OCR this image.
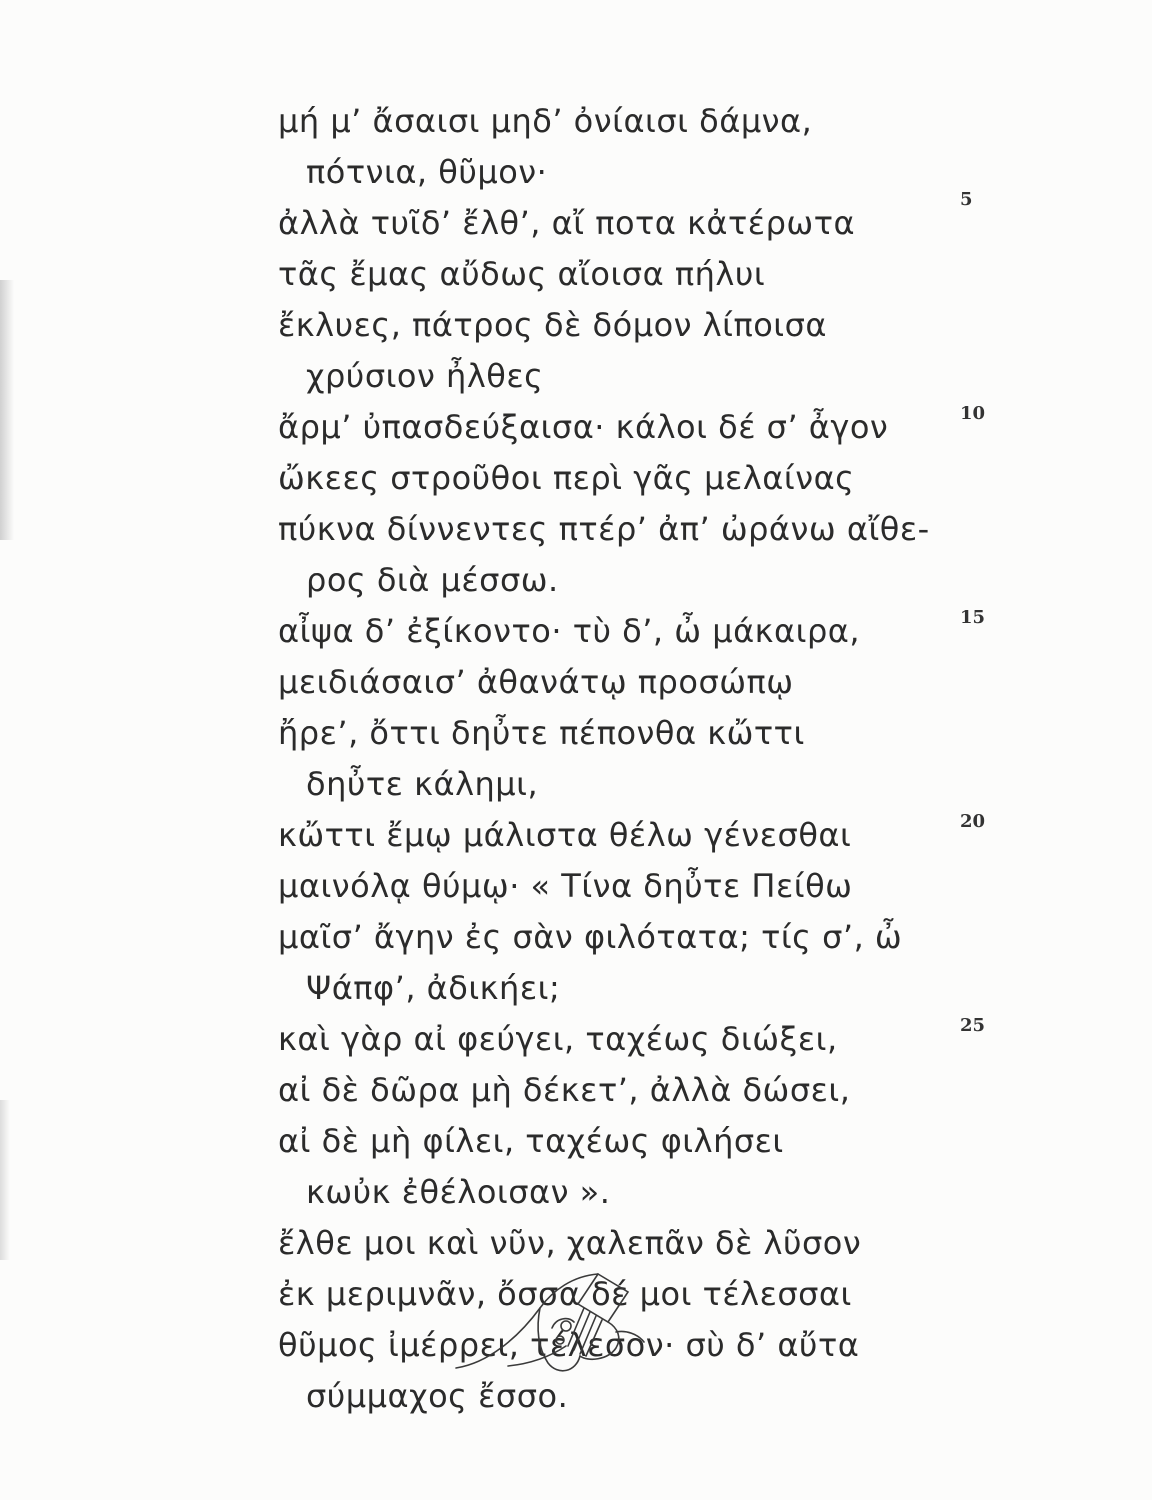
μή μ’ ἄσαισι μηδ’ ὀνίαισι δάμνα,
πότνια, θῦμον·
ἀλλὰ τυῖδ’ ἔλθ’, αἴ ποτα κἀτέρωτα
τᾶς ἔμας αὔδως αἴοισα πήλυι
ἔκλυες, πάτρος δὲ δόμον λίποισα
χρύσιον ἦλθες
ἄρμ’ ὐπασδεύξαισα· κάλοι δέ σ’ ἆγον
ὤκεες στροῦθοι περὶ γᾶς μελαίνας
πύκνα δίννεντες πτέρ’ ἀπ’ ὠράνω αἴθε-
ρος διὰ μέσσω.
αἶψα δ’ ἐξίκοντο· τὺ δ’, ὦ μάκαιρα,
μειδιάσαισ’ ἀθανάτῳ προσώπῳ
ἤρε’, ὄττι δηὖτε πέπονθα κὤττι
δηὖτε κάλημι,
κὤττι ἔμῳ μάλιστα θέλω γένεσθαι
μαινόλᾳ θύμῳ· « Τίνα δηὖτε Πείθω
μαῖσ’ ἄγην ἐς σὰν φιλότατα; τίς σ’, ὦ
Ψάπφ’, ἀδικήει;
καὶ γὰρ αἰ φεύγει, ταχέως διώξει,
αἰ δὲ δῶρα μὴ δέκετ’, ἀλλὰ δώσει,
αἰ δὲ μὴ φίλει, ταχέως φιλήσει
κωὐκ ἐθέλοισαν ».
ἔλθε μοι καὶ νῦν, χαλεπᾶν δὲ λῦσον
ἐκ μεριμνᾶν, ὄσσα δέ μοι τέλεσσαι
θῦμος ἰμέρρει, τέλεσον· σὺ δ’ αὔτα
σύμμαχος ἔσσο.
5
10
15
20
25
